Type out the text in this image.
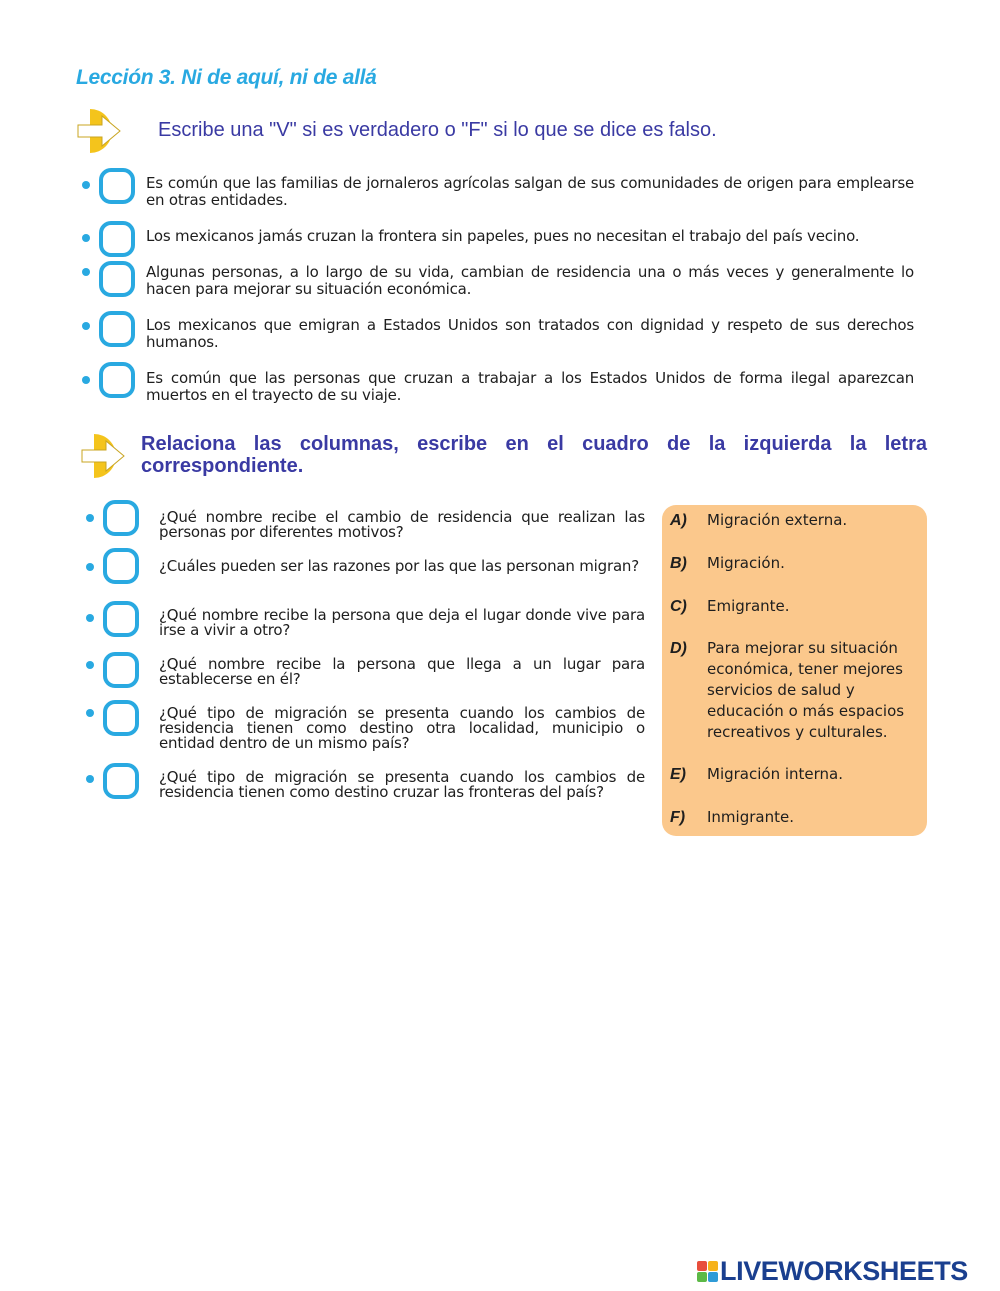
Lección 3. Ni de aquí, ni de allá
Escribe una "V" si es verdadero o "F" si lo que se dice es falso.
Es común que las familias de jornaleros agrícolas salgan de sus comunidades de origen para emplearse en otras entidades.
Los mexicanos jamás cruzan la frontera sin papeles, pues no necesitan el trabajo del país vecino.
Algunas personas, a lo largo de su vida, cambian de residencia una o más veces y generalmente lo hacen para mejorar su situación económica.
Los mexicanos que emigran a Estados Unidos son tratados con dignidad y respeto de sus derechos humanos.
Es común que las personas que cruzan a trabajar a los Estados Unidos de forma ilegal aparezcan muertos en el trayecto de su viaje.
Relaciona las columnas, escribe en el cuadro de la izquierda la letra correspondiente.
¿Qué nombre recibe el cambio de residencia que realizan las personas por diferentes motivos?
¿Cuáles pueden ser las razones por las que las personan migran?
¿Qué nombre recibe la persona que deja el lugar donde vive para irse a vivir a otro?
¿Qué nombre recibe la persona que llega a un lugar para establecerse en él?
¿Qué tipo de migración se presenta cuando los cambios de residencia tienen como destino otra localidad, municipio o entidad dentro de un mismo país?
¿Qué tipo de migración se presenta cuando los cambios de residencia tienen como destino cruzar las fronteras del país?
A) Migración externa.
B) Migración.
C) Emigrante.
D) Para mejorar su situación económica, tener mejores servicios de salud y educación o más espacios recreativos y culturales.
E) Migración interna.
F) Inmigrante.
LIVEWORKSHEETS
